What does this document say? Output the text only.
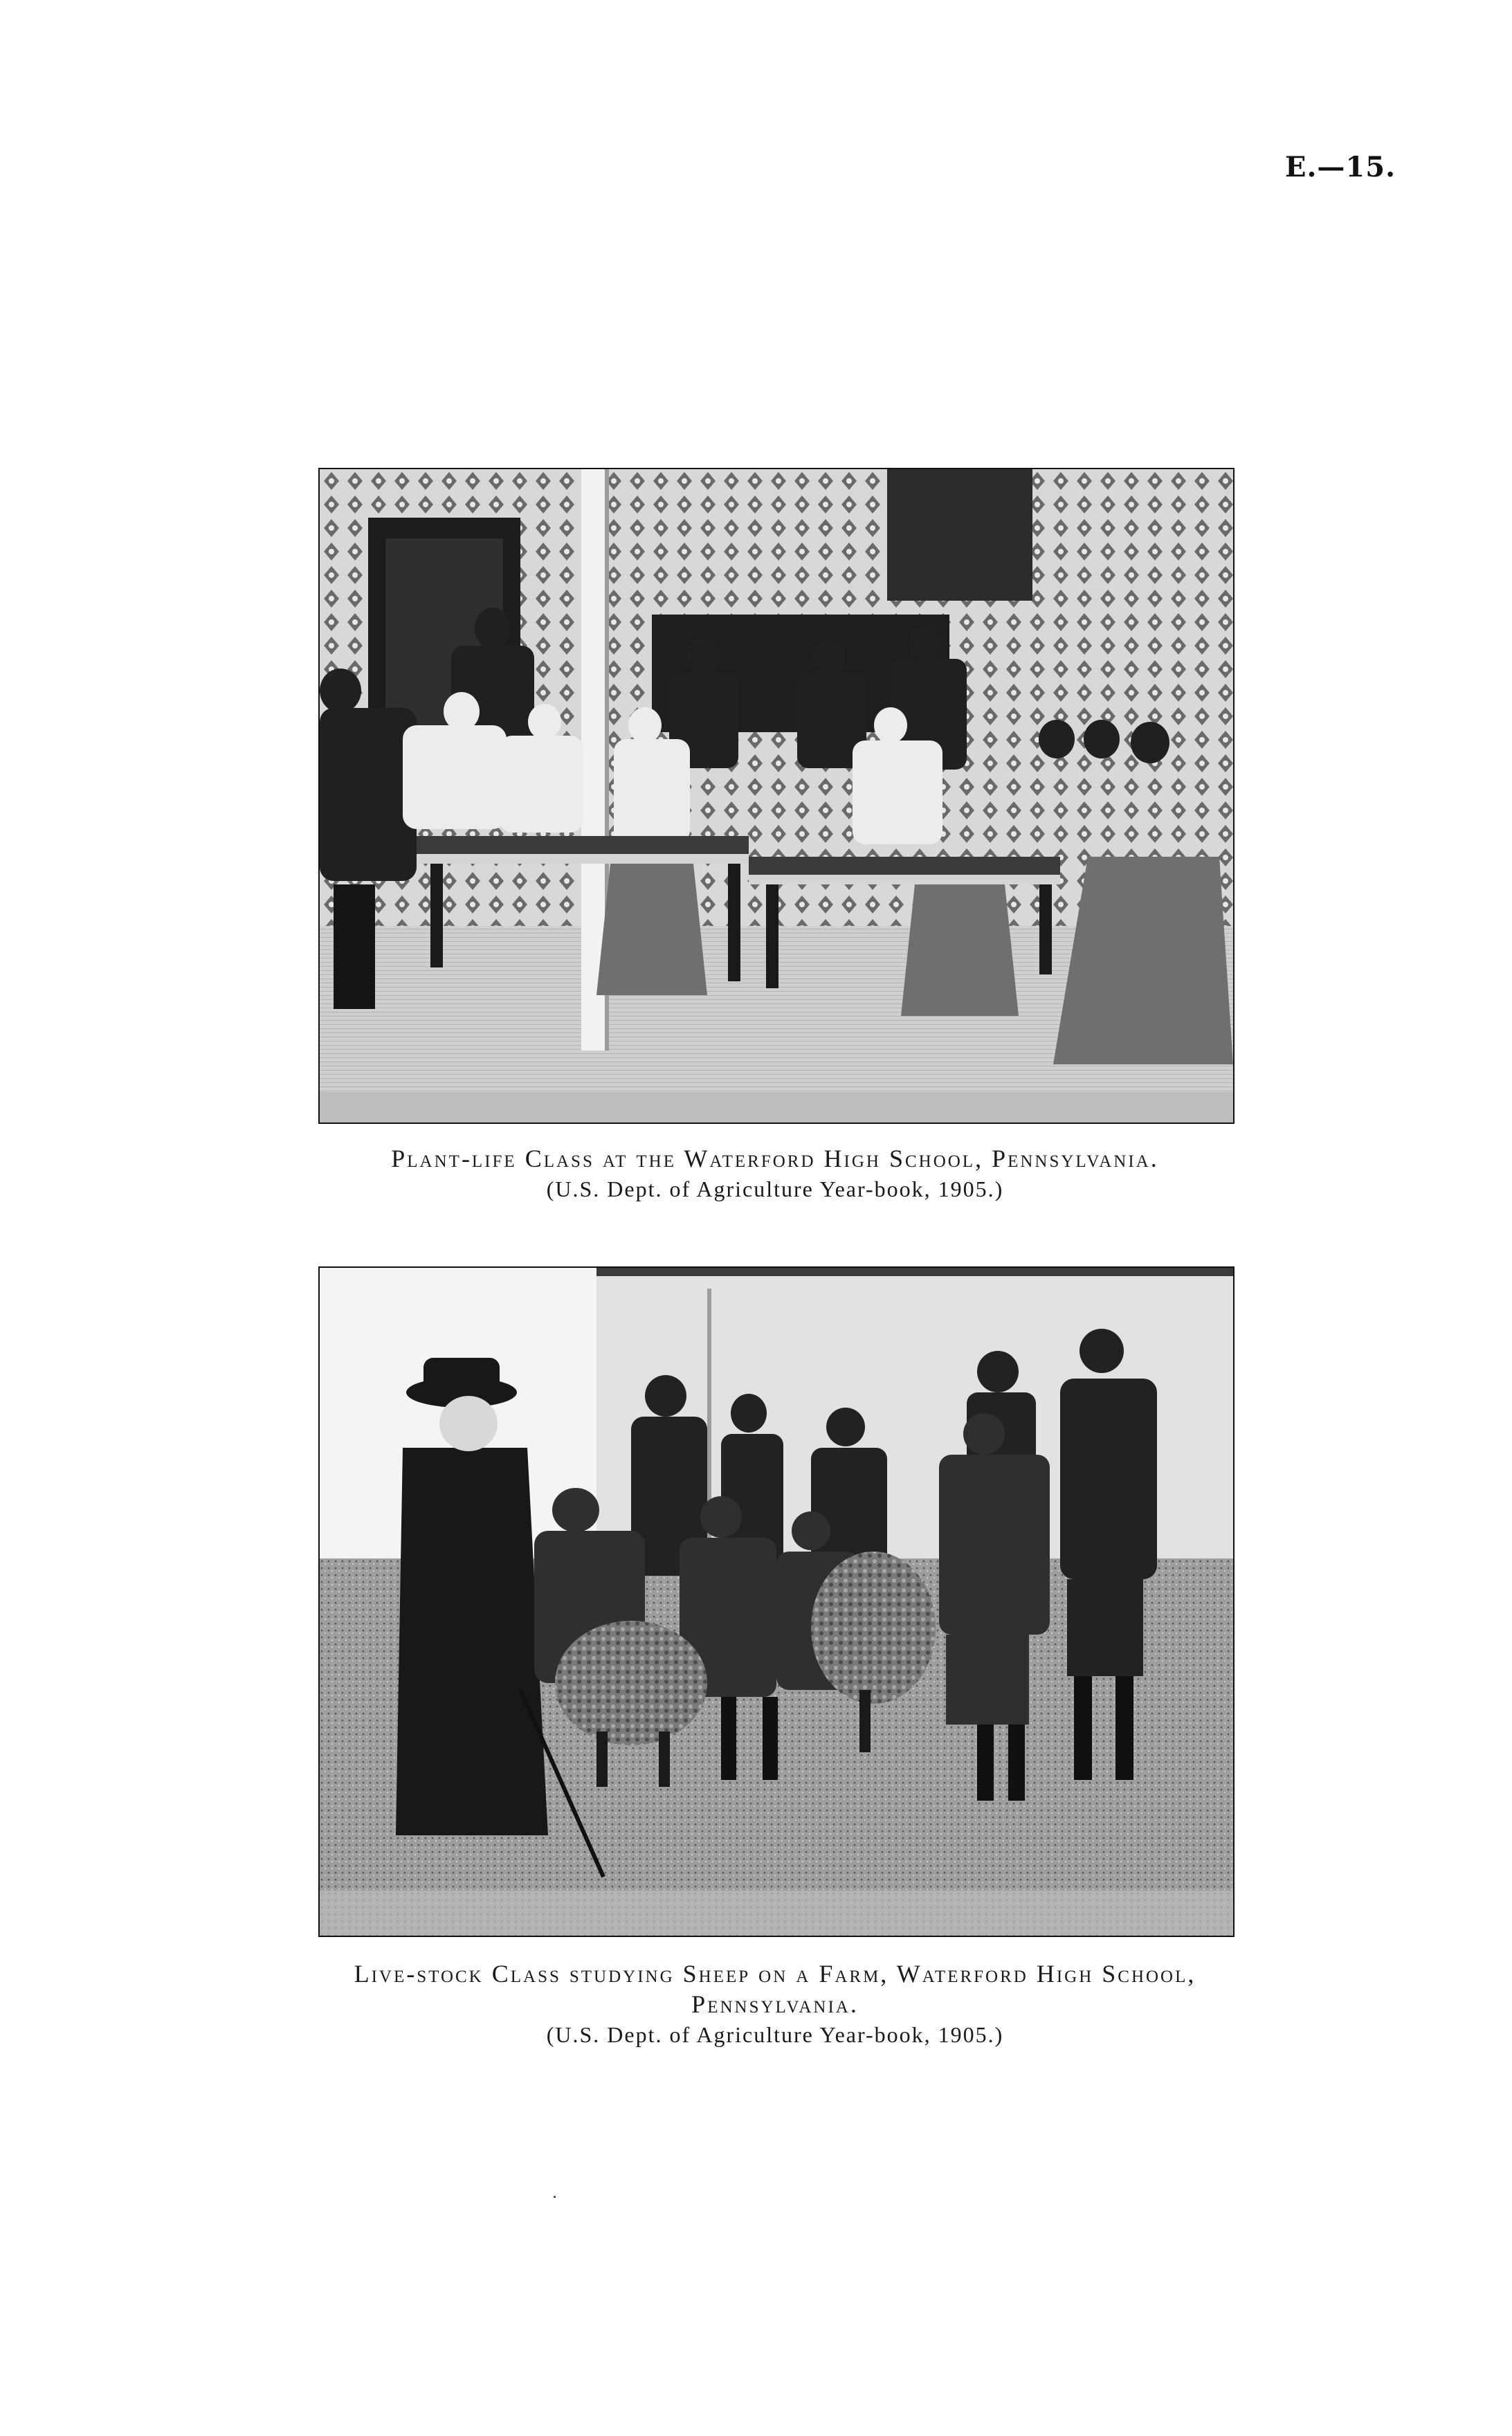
E.—15.
Plant-life Class at the Waterford High School, Pennsylvania.
(U.S. Dept. of Agriculture Year-book, 1905.)
Live-stock Class studying Sheep on a Farm, Waterford High School,
Pennsylvania.
(U.S. Dept. of Agriculture Year-book, 1905.)
